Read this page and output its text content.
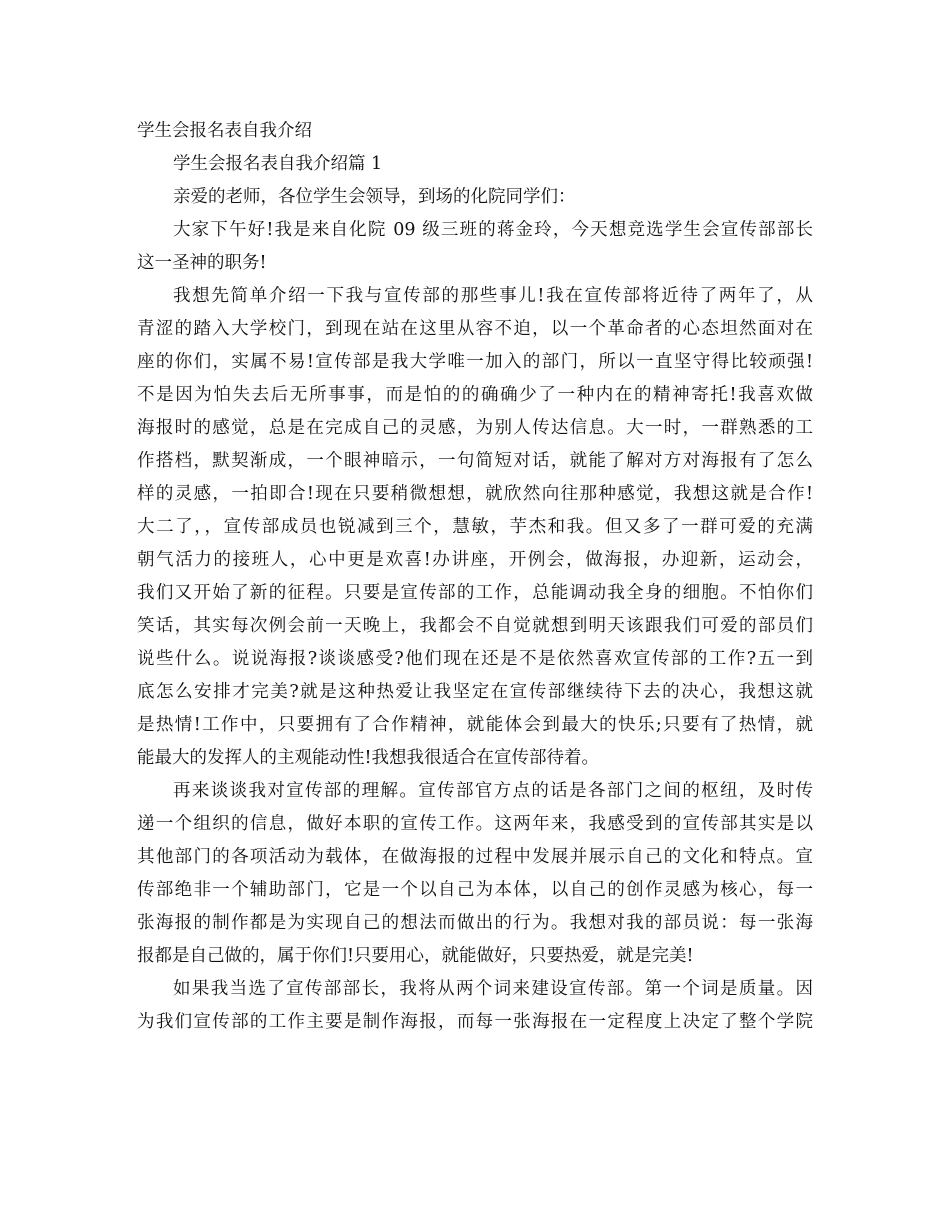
学生会报名表自我介绍
学生会报名表自我介绍篇 1
亲爱的老师，各位学生会领导，到场的化院同学们：
大家下午好!我是来自化院 09 级三班的蒋金玲，今天想竞选学生会宣传部部长
这一圣神的职务!
我想先简单介绍一下我与宣传部的那些事儿!我在宣传部将近待了两年了，从
青涩的踏入大学校门，到现在站在这里从容不迫，以一个革命者的心态坦然面对在
座的你们，实属不易!宣传部是我大学唯一加入的部门，所以一直坚守得比较顽强!
不是因为怕失去后无所事事，而是怕的的确确少了一种内在的精神寄托!我喜欢做
海报时的感觉，总是在完成自己的灵感，为别人传达信息。大一时，一群熟悉的工
作搭档，默契渐成，一个眼神暗示，一句简短对话，就能了解对方对海报有了怎么
样的灵感，一拍即合!现在只要稍微想想，就欣然向往那种感觉，我想这就是合作!
大二了，，宣传部成员也锐减到三个，慧敏，芋杰和我。但又多了一群可爱的充满
朝气活力的接班人，心中更是欢喜!办讲座，开例会，做海报，办迎新，运动会，
我们又开始了新的征程。只要是宣传部的工作，总能调动我全身的细胞。不怕你们
笑话，其实每次例会前一天晚上，我都会不自觉就想到明天该跟我们可爱的部员们
说些什么。说说海报?谈谈感受?他们现在还是不是依然喜欢宣传部的工作?五一到
底怎么安排才完美?就是这种热爱让我坚定在宣传部继续待下去的决心，我想这就
是热情!工作中，只要拥有了合作精神，就能体会到最大的快乐;只要有了热情，就
能最大的发挥人的主观能动性!我想我很适合在宣传部待着。
再来谈谈我对宣传部的理解。宣传部官方点的话是各部门之间的枢纽，及时传
递一个组织的信息，做好本职的宣传工作。这两年来，我感受到的宣传部其实是以
其他部门的各项活动为载体，在做海报的过程中发展并展示自己的文化和特点。宣
传部绝非一个辅助部门，它是一个以自己为本体，以自己的创作灵感为核心，每一
张海报的制作都是为实现自己的想法而做出的行为。我想对我的部员说：每一张海
报都是自己做的，属于你们!只要用心，就能做好，只要热爱，就是完美!
如果我当选了宣传部部长，我将从两个词来建设宣传部。第一个词是质量。因
为我们宣传部的工作主要是制作海报，而每一张海报在一定程度上决定了整个学院
